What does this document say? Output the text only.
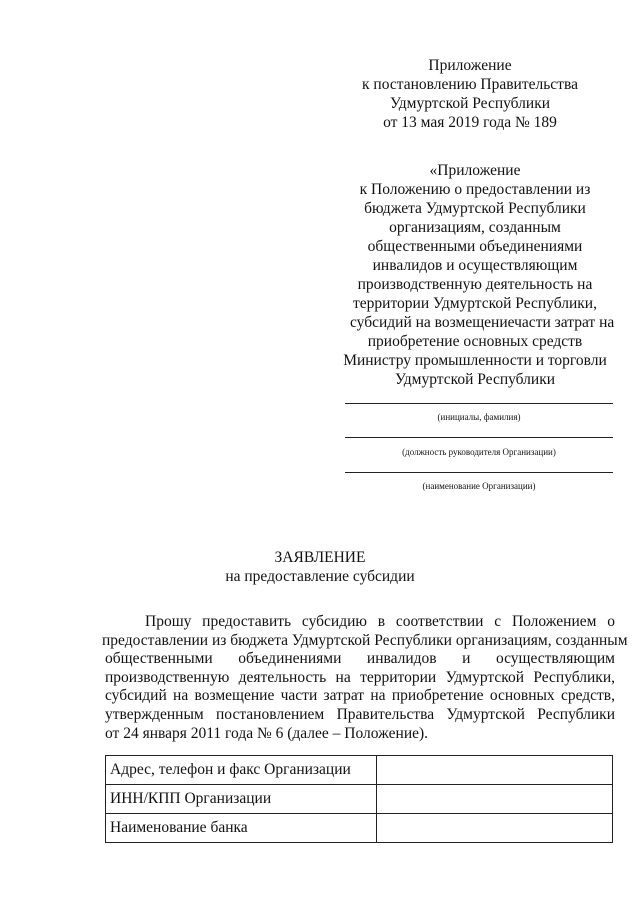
Приложение
к постановлению Правительства
Удмуртской Республики
от 13 мая 2019 года № 189
«Приложение
к Положению о предоставлении из
бюджета Удмуртской Республики
организациям, созданным
общественными объединениями
инвалидов и осуществляющим
производственную деятельность на
территории Удмуртской Республики,
субсидий на возмещениечасти затрат на
приобретение основных средств
Министру промышленности и торговли
Удмуртской Республики
(инициалы, фамилия)
(должность руководителя Организации)
(наименование Организации)
ЗАЯВЛЕНИЕ
на предоставление субсидии
Прошу предоставить субсидию в соответствии с Положением о
предоставлении из бюджета Удмуртской Республики организациям, созданным
общественными объединениями инвалидов и осуществляющим
производственную деятельность на территории Удмуртской Республики,
субсидий на возмещение части затрат на приобретение основных средств,
утвержденным постановлением Правительства Удмуртской Республики
от 24 января 2011 года № 6 (далее – Положение).
Адрес, телефон и факс Организации	
ИНН/КПП Организации	
Наименование банка	
